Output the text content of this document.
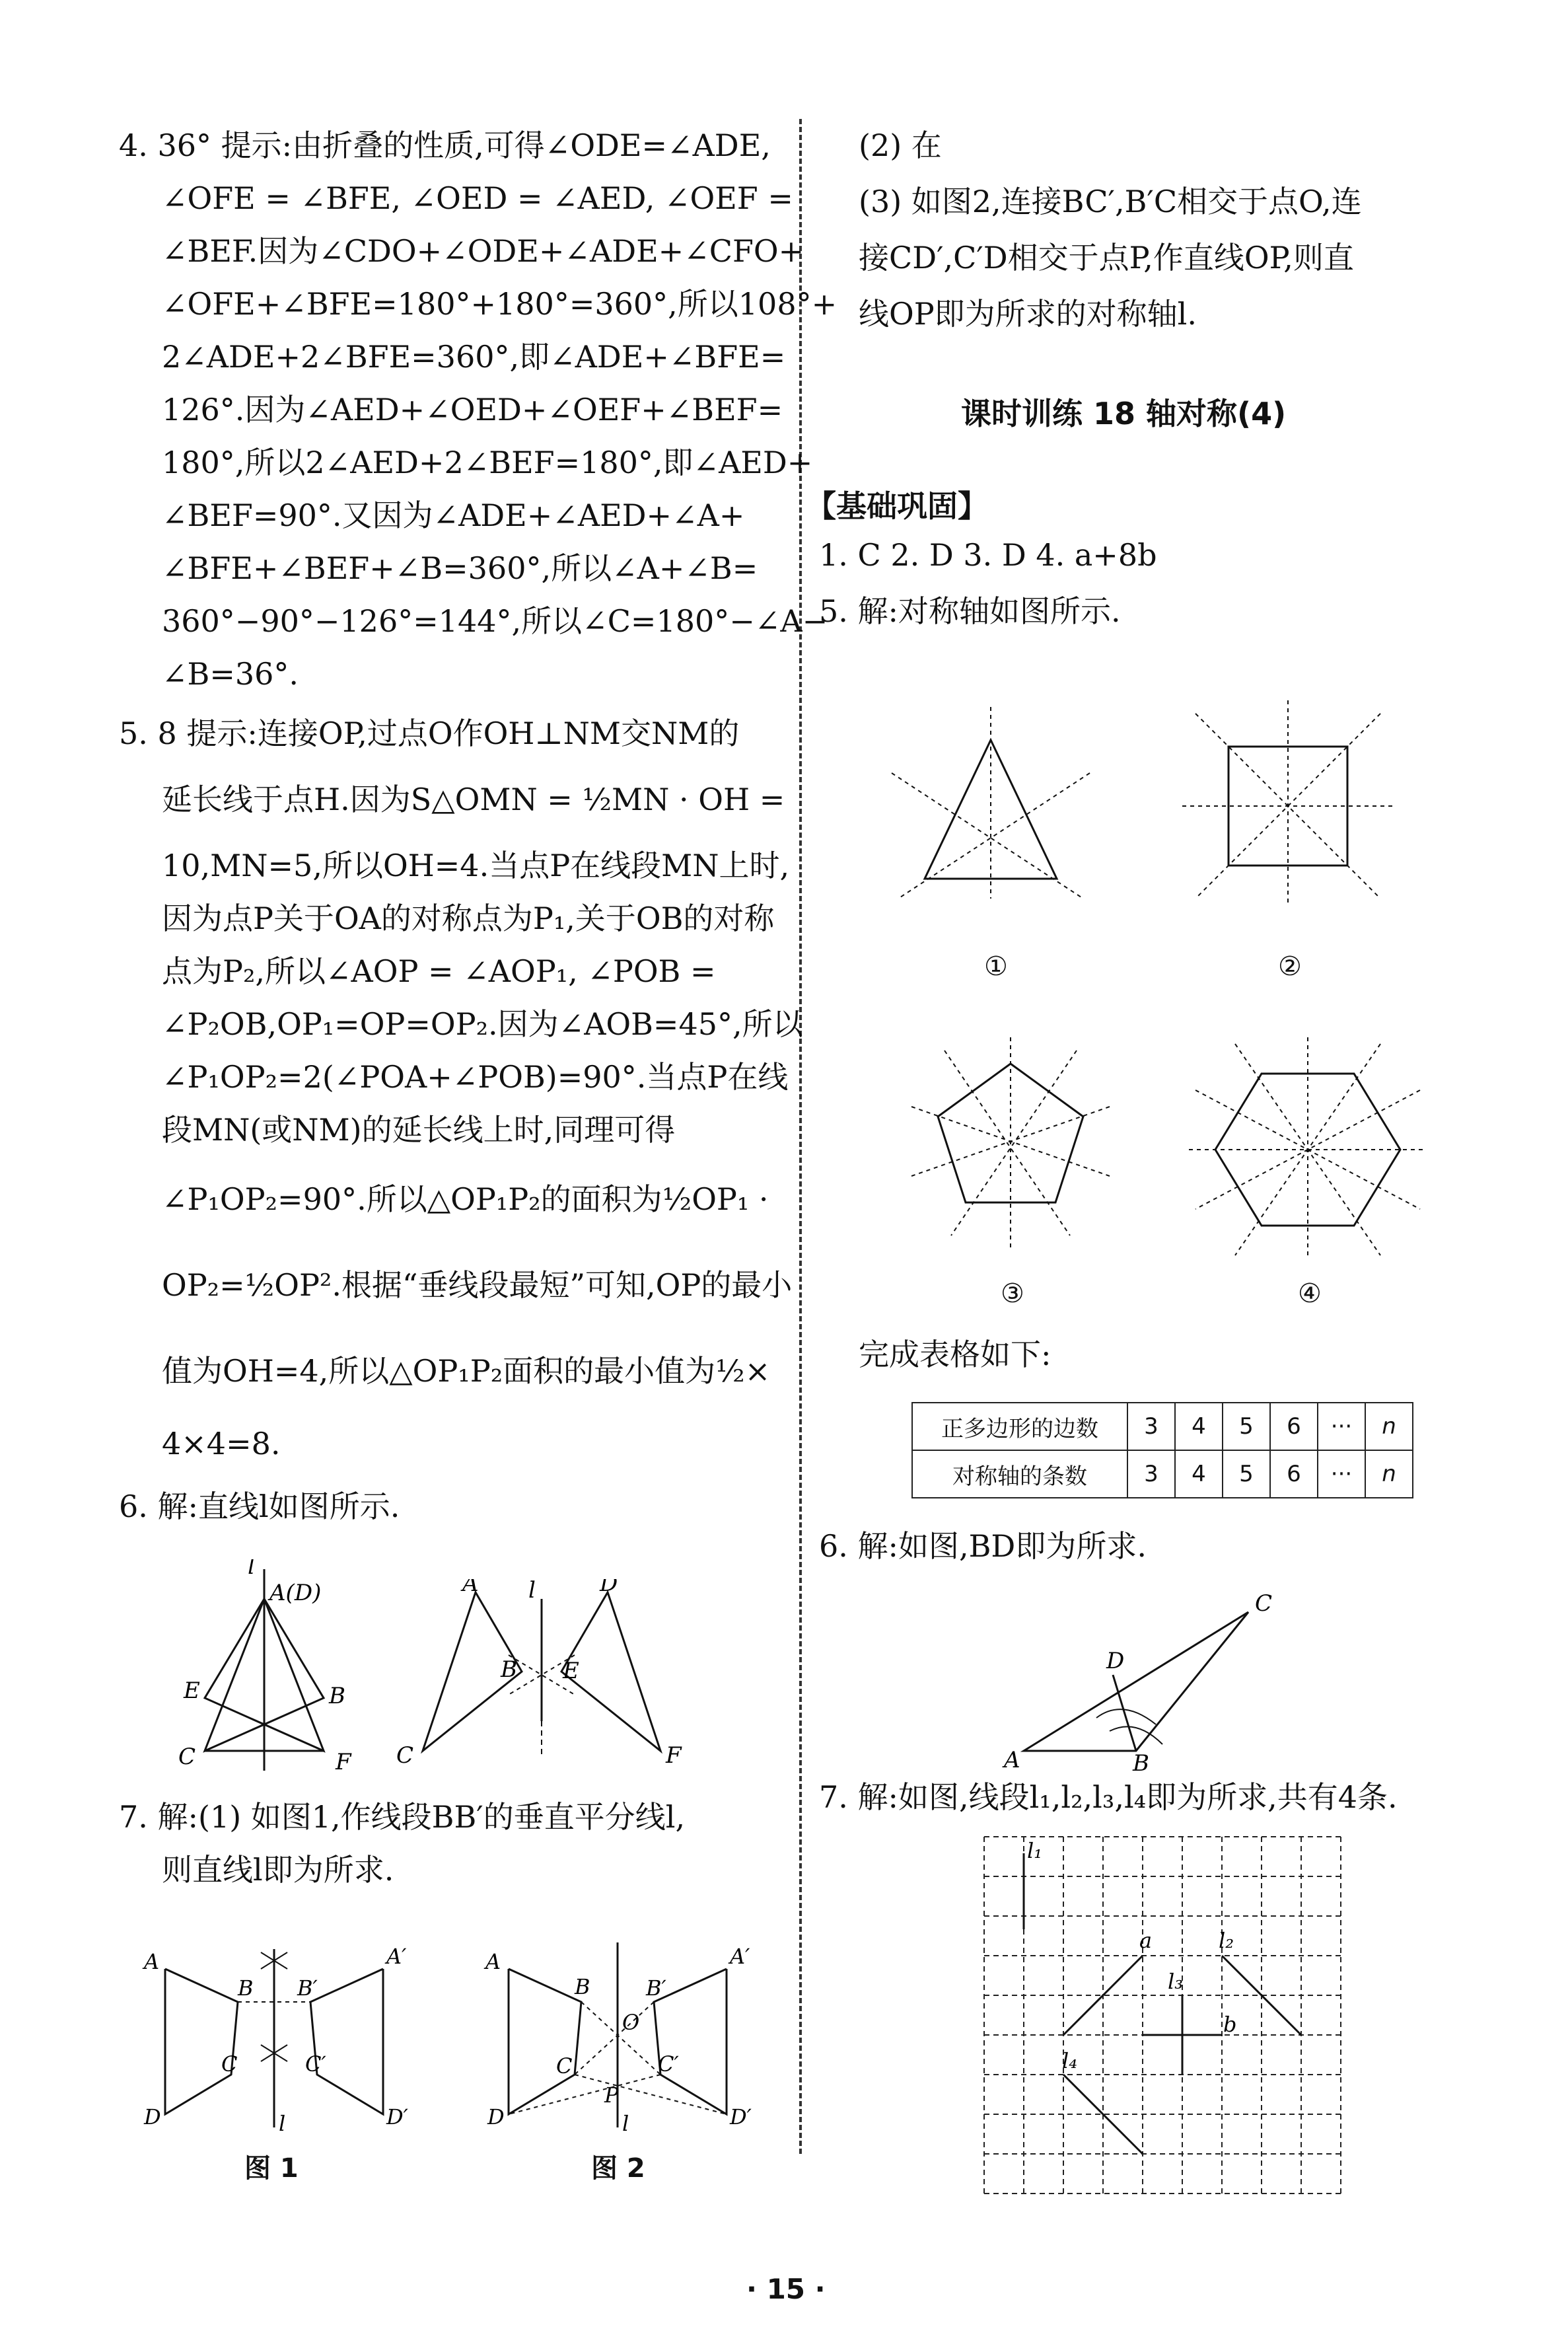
4. 36° 提示:由折叠的性质,可得∠ODE=∠ADE,
∠OFE = ∠BFE, ∠OED = ∠AED, ∠OEF =
∠BEF.因为∠CDO+∠ODE+∠ADE+∠CFO+
∠OFE+∠BFE=180°+180°=360°,所以108°+
2∠ADE+2∠BFE=360°,即∠ADE+∠BFE=
126°.因为∠AED+∠OED+∠OEF+∠BEF=
180°,所以2∠AED+2∠BEF=180°,即∠AED+
∠BEF=90°.又因为∠ADE+∠AED+∠A+
∠BFE+∠BEF+∠B=360°,所以∠A+∠B=
360°−90°−126°=144°,所以∠C=180°−∠A−
∠B=36°.
5. 8 提示:连接OP,过点O作OH⊥NM交NM的
延长线于点H.因为S△OMN = ½MN · OH =
10,MN=5,所以OH=4.当点P在线段MN上时,
因为点P关于OA的对称点为P₁,关于OB的对称
点为P₂,所以∠AOP = ∠AOP₁, ∠POB =
∠P₂OB,OP₁=OP=OP₂.因为∠AOB=45°,所以
∠P₁OP₂=2(∠POA+∠POB)=90°.当点P在线
段MN(或NM)的延长线上时,同理可得
∠P₁OP₂=90°.所以△OP₁P₂的面积为½OP₁ ·
OP₂=½OP².根据“垂线段最短”可知,OP的最小
值为OH=4,所以△OP₁P₂面积的最小值为½×
4×4=8.
6. 解:直线l如图所示.
l
A(D)
E	B
C	F
A l	D
B E
C	F
7. 解:(1) 如图1,作线段BB′的垂直平分线l,
则直线l即为所求.
A	A′
B B′
C	C′
D	D′
l
图 1
A	A′
B	B′
O
C	C′
P
D	D′
l
图 2
(2) 在
(3) 如图2,连接BC′,B′C相交于点O,连
接CD′,C′D相交于点P,作直线OP,则直
线OP即为所求的对称轴l.
课时训练 18 轴对称(4)
【基础巩固】
1. C 2. D 3. D 4. a+8b
5. 解:对称轴如图所示.
①	②
③	④
完成表格如下:
正多边形的边数	3	4	5	6	···	n
对称轴的条数	3	4	5	6	···	n
6. 解:如图,BD即为所求.
C
D
A	B
7. 解:如图,线段l₁,l₂,l₃,l₄即为所求,共有4条.
l₁
a	l₂
l₃
b
l₄
· 15 ·
